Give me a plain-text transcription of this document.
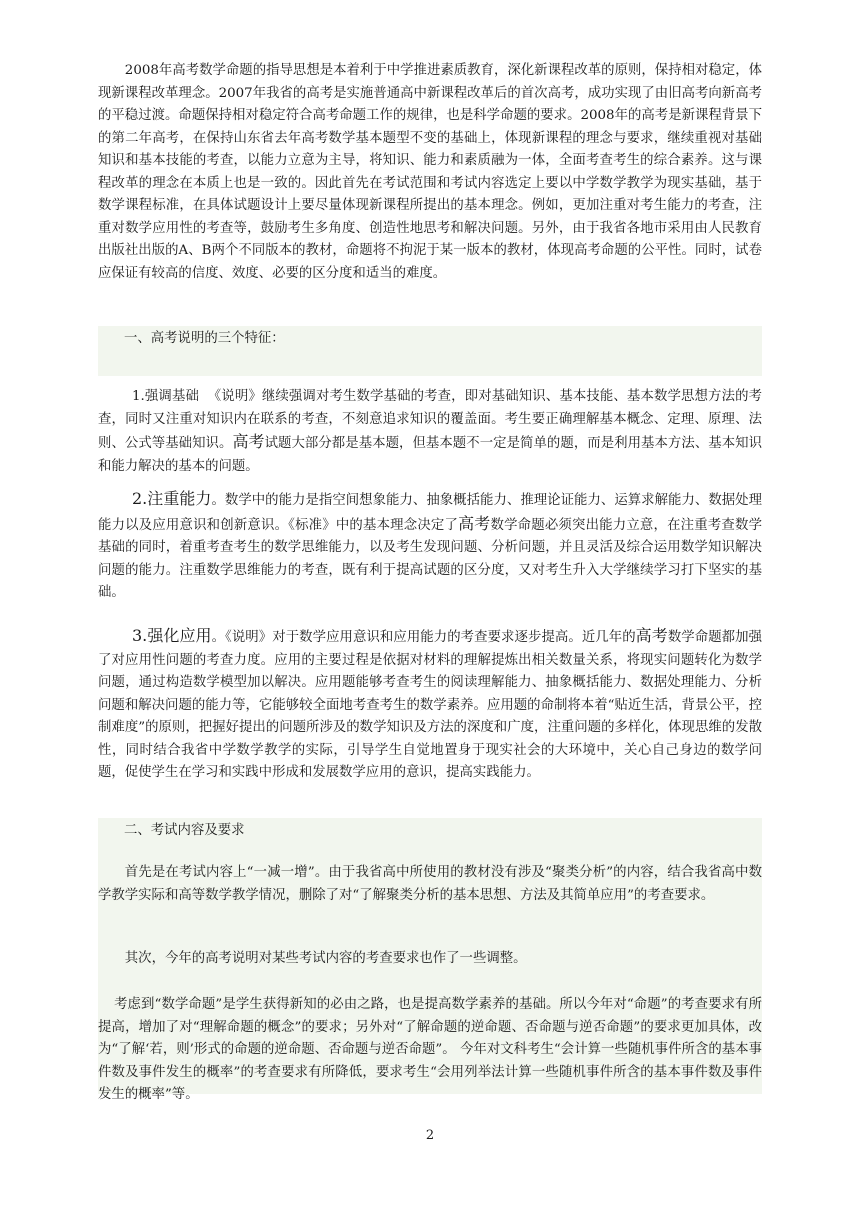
2008年高考数学命题的指导思想是本着利于中学推进素质教育，深化新课程改革的原则，保持相对稳定，体现新课程改革理念。2007年我省的高考是实施普通高中新课程改革后的首次高考，成功实现了由旧高考向新高考的平稳过渡。命题保持相对稳定符合高考命题工作的规律，也是科学命题的要求。2008年的高考是新课程背景下的第二年高考，在保持山东省去年高考数学基本题型不变的基础上，体现新课程的理念与要求，继续重视对基础知识和基本技能的考查，以能力立意为主导，将知识、能力和素质融为一体，全面考查考生的综合素养。这与课程改革的理念在本质上也是一致的。因此首先在考试范围和考试内容选定上要以中学数学教学为现实基础，基于数学课程标准，在具体试题设计上要尽量体现新课程所提出的基本理念。例如，更加注重对考生能力的考查，注重对数学应用性的考查等，鼓励考生多角度、创造性地思考和解决问题。另外，由于我省各地市采用由人民教育出版社出版的A、B两个不同版本的教材，命题将不拘泥于某一版本的教材，体现高考命题的公平性。同时，试卷应保证有较高的信度、效度、必要的区分度和适当的难度。

一、高考说明的三个特征：

1.强调基础 《说明》继续强调对考生数学基础的考查，即对基础知识、基本技能、基本数学思想方法的考查，同时又注重对知识内在联系的考查，不刻意追求知识的覆盖面。考生要正确理解基本概念、定理、原理、法则、公式等基础知识。高考试题大部分都是基本题，但基本题不一定是简单的题，而是利用基本方法、基本知识和能力解决的基本的问题。

2.注重能力。数学中的能力是指空间想象能力、抽象概括能力、推理论证能力、运算求解能力、数据处理能力以及应用意识和创新意识。《标准》中的基本理念决定了高考数学命题必须突出能力立意，在注重考查数学基础的同时，着重考查考生的数学思维能力，以及考生发现问题、分析问题，并且灵活及综合运用数学知识解决问题的能力。注重数学思维能力的考查，既有利于提高试题的区分度，又对考生升入大学继续学习打下坚实的基础。

3.强化应用。《说明》对于数学应用意识和应用能力的考查要求逐步提高。近几年的高考数学命题都加强了对应用性问题的考查力度。应用的主要过程是依据对材料的理解提炼出相关数量关系，将现实问题转化为数学问题，通过构造数学模型加以解决。应用题能够考查考生的阅读理解能力、抽象概括能力、数据处理能力、分析问题和解决问题的能力等，它能够较全面地考查考生的数学素养。应用题的命制将本着“贴近生活，背景公平，控制难度”的原则，把握好提出的问题所涉及的数学知识及方法的深度和广度，注重问题的多样化，体现思维的发散性，同时结合我省中学数学教学的实际，引导学生自觉地置身于现实社会的大环境中，关心自己身边的数学问题，促使学生在学习和实践中形成和发展数学应用的意识，提高实践能力。

二、考试内容及要求

首先是在考试内容上“一减一增”。由于我省高中所使用的教材没有涉及“聚类分析”的内容，结合我省高中数学教学实际和高等数学教学情况，删除了对“了解聚类分析的基本思想、方法及其简单应用”的考查要求。

其次，今年的高考说明对某些考试内容的考查要求也作了一些调整。

考虑到“数学命题”是学生获得新知的必由之路，也是提高数学素养的基础。所以今年对“命题”的考查要求有所提高，增加了对“理解命题的概念”的要求；另外对“了解命题的逆命题、否命题与逆否命题”的要求更加具体，改为“了解‘若，则’形式的命题的逆命题、否命题与逆否命题”。 今年对文科考生“会计算一些随机事件所含的基本事件数及事件发生的概率”的考查要求有所降低，要求考生“会用列举法计算一些随机事件所含的基本事件数及事件发生的概率”等。

2
